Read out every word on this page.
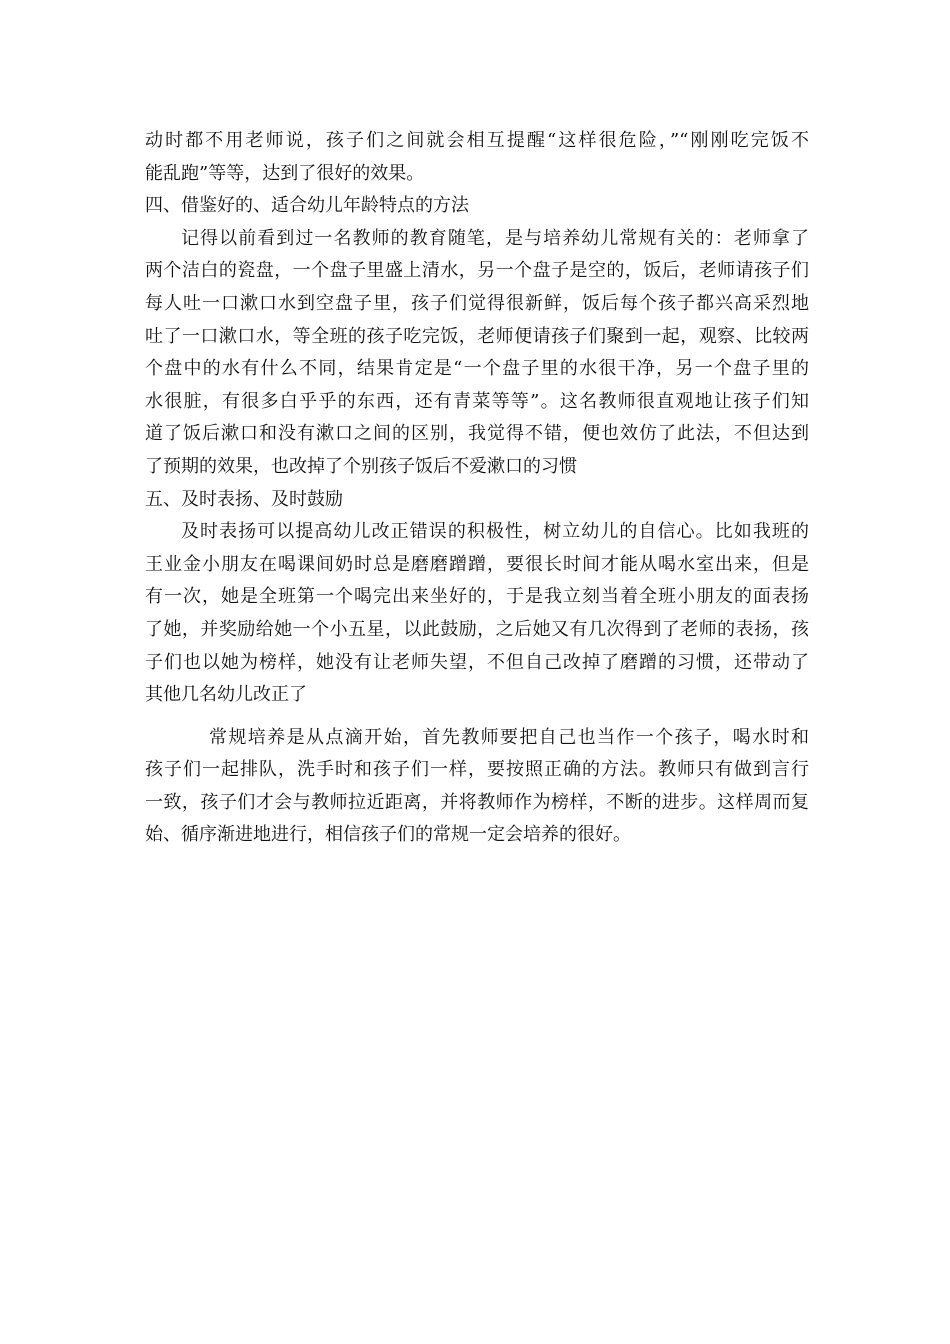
动时都不用老师说，孩子们之间就会相互提醒“这样很危险，”“刚刚吃完饭不
能乱跑”等等，达到了很好的效果。
四、借鉴好的、适合幼儿年龄特点的方法
记得以前看到过一名教师的教育随笔，是与培养幼儿常规有关的：老师拿了
两个洁白的瓷盘，一个盘子里盛上清水，另一个盘子是空的，饭后，老师请孩子们
每人吐一口漱口水到空盘子里，孩子们觉得很新鲜，饭后每个孩子都兴高采烈地
吐了一口漱口水，等全班的孩子吃完饭，老师便请孩子们聚到一起，观察、比较两
个盘中的水有什么不同，结果肯定是“一个盘子里的水很干净，另一个盘子里的
水很脏，有很多白乎乎的东西，还有青菜等等”。这名教师很直观地让孩子们知
道了饭后漱口和没有漱口之间的区别，我觉得不错，便也效仿了此法，不但达到
了预期的效果，也改掉了个别孩子饭后不爱漱口的习惯
五、及时表扬、及时鼓励
及时表扬可以提高幼儿改正错误的积极性，树立幼儿的自信心。比如我班的
王业金小朋友在喝课间奶时总是磨磨蹭蹭，要很长时间才能从喝水室出来，但是
有一次，她是全班第一个喝完出来坐好的，于是我立刻当着全班小朋友的面表扬
了她，并奖励给她一个小五星，以此鼓励，之后她又有几次得到了老师的表扬，孩
子们也以她为榜样，她没有让老师失望，不但自己改掉了磨蹭的习惯，还带动了
其他几名幼儿改正了
常规培养是从点滴开始，首先教师要把自己也当作一个孩子，喝水时和
孩子们一起排队，洗手时和孩子们一样，要按照正确的方法。教师只有做到言行
一致，孩子们才会与教师拉近距离，并将教师作为榜样，不断的进步。这样周而复
始、循序渐进地进行，相信孩子们的常规一定会培养的很好。
